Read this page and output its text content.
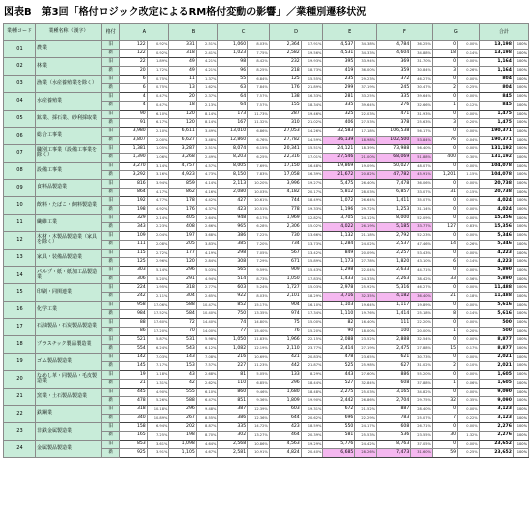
図表B　第3回「格付ロジック改定によるRM格付変動の影響」／業種別遷移状況
業種コード	業種名称（漢字）	格付	A		B		C		D		E		F		G		合計	
01	農業	旧	122	0.92%	331	2.51%	1,060	8.03%	2,364	17.91%	4,537	34.38%	4,784	36.25%	0	0.00%	13,198	100%
		新	122	0.92%	318	2.41%	1,023	7.75%	2,582	19.56%	4,531	34.33%	4,604	34.88%	18	0.14%	13,198	100%
02	林業	旧	22	1.89%	49	4.21%	98	8.42%	232	19.93%	395	33.94%	369	31.70%	0	0.00%	1,164	100%
		新	20	1.72%	49	4.21%	96	8.25%	218	18.73%	419	36.00%	359	30.84%	3	0.26%	1,164	100%
03	漁業（水産養殖業を除く）	旧	6	0.75%	11	1.37%	55	6.84%	125	15.55%	235	29.23%	372	46.27%	0	0.00%	804	100%
		新	6	0.75%	13	1.62%	63	7.84%	176	21.89%	299	37.19%	245	30.47%	2	0.25%	804	100%
04	水産養殖業	旧	4	0.47%	20	2.37%	64	7.57%	138	16.33%	281	33.25%	335	39.64%	0	0.00%	845	100%
		新	4	0.47%	18	2.13%	64	7.57%	155	18.34%	335	39.64%	276	32.66%	1	0.12%	845	100%
05	鉱業、採石業、砂利採取業	旧	90	6.10%	120	8.14%	173	11.73%	287	19.46%	325	22.03%	471	31.93%	0	0.00%	1,475	100%
		新	91	6.17%	120	8.14%	167	11.32%	310	21.02%	406	27.53%	378	25.63%	3	0.20%	1,475	100%
06	総合工事業	旧	3,980	2.10%	6,611	3.49%	13,010	6.86%	27,053	14.26%	32,583	17.18%	106,538	56.17%	0	0.00%	190,371	100%
		新	3,807	2.00%	6,627	3.48%	12,860	6.76%	27,782	14.59%	36,139	18.98%	102,500	53.84%	76	0.04%	190,371	100%
07	職別工事業（設備工事業を除く）	旧	1,381	1.05%	3,287	2.51%	8,074	6.15%	20,341	15.51%	24,121	18.39%	73,988	56.40%	0	0.00%	131,192	100%
		新	1,390	1.06%	3,268	2.49%	8,203	6.25%	22,316	17.01%	27,546	21.00%	68,069	51.88%	400	0.30%	131,192	100%
08	設備工事業	旧	3,270	3.14%	4,757	4.57%	8,005	7.69%	17,150	16.48%	19,869	19.09%	50,027	48.07%	0	0.00%	104,078	100%
		新	3,292	3.16%	4,923	4.73%	8,150	7.83%	17,058	16.39%	21,672	20.82%	47,782	45.91%	1,201	1.15%	104,078	100%
09	食料品製造業	旧	816	3.94%	859	4.14%	2,113	10.20%	3,996	19.27%	5,475	26.40%	7,478	36.06%	0	0.00%	20,738	100%
		新	864	4.17%	862	4.16%	2,080	10.03%	4,182	20.17%	5,812	28.03%	6,857	33.07%	31	0.15%	20,738	100%
10	飲料・たばこ・飼料製造業	旧	192	4.77%	178	4.42%	427	10.61%	744	18.49%	1,072	26.64%	1,411	35.07%	0	0.00%	4,024	100%
		新	198	4.92%	176	4.37%	423	10.51%	778	19.33%	1,196	29.72%	1,253	31.14%	0	0.00%	4,024	100%
11	繊維工業	旧	329	2.14%	405	2.64%	948	6.17%	1,969	12.82%	3,705	24.12%	8,000	52.09%	0	0.00%	15,356	100%
		新	343	2.23%	408	2.66%	965	6.28%	2,306	15.02%	4,022	26.19%	5,185	33.77%	127	0.83%	15,356	100%
12	木材・木製品製造業（家具を除く）	旧	109	2.04%	197	3.68%	386	7.22%	730	13.66%	1,132	21.18%	2,792	52.23%	0	0.00%	5,346	100%
		新	111	2.08%	205	3.83%	385	7.20%	734	13.73%	1,284	24.02%	2,537	47.46%	14	0.26%	5,346	100%
13	家具・装備品製造業	旧	115	2.72%	177	4.19%	298	7.05%	567	13.42%	849	20.09%	2,257	53.43%	0	0.00%	4,223	100%
		新	125	2.96%	120	2.84%	308	7.29%	671	15.89%	1,173	27.78%	1,820	43.10%	6	0.14%	4,223	100%
14	パルプ・紙・紙加工品製造業	旧	303	5.14%	296	5.03%	565	9.59%	909	15.43%	1,298	22.04%	2,633	44.71%	0	0.00%	5,890	100%
		新	306	5.20%	291	4.94%	514	8.73%	1,050	17.83%	1,433	24.33%	2,263	38.42%	33	0.56%	5,890	100%
15	印刷・同関連業	旧	224	1.95%	318	2.77%	603	5.24%	1,727	15.03%	2,978	25.92%	5,316	46.27%	0	0.00%	11,488	100%
		新	242	2.11%	304	2.65%	922	8.03%	2,101	18.29%	3,716	32.35%	4,182	36.40%	21	0.18%	11,488	100%
16	化学工業	旧	958	17.06%	588	10.47%	852	15.17%	904	16.10%	1,103	19.64%	1,117	19.89%	0	0.00%	5,616	100%
		新	984	17.52%	584	10.40%	750	13.35%	974	17.34%	1,110	19.76%	1,414	25.18%	8	0.14%	5,616	100%
17	石油製品・石炭製品製造業	旧	88	17.60%	72	14.40%	74	14.80%	75	15.00%	82	16.40%	111	22.20%	0	0.00%	500	100%
		新	86	17.20%	70	14.00%	77	15.40%	76	15.20%	90	18.00%	100	20.00%	1	0.20%	500	100%
18	プラスチック製品製造業	旧	521	5.87%	531	5.98%	1,050	11.83%	1,966	22.15%	2,088	23.52%	2,888	32.54%	0	0.00%	8,877	100%
		新	554	6.24%	543	6.12%	1,082	12.19%	2,110	23.77%	2,414	27.19%	2,475	27.88%	15	0.17%	8,877	100%
19	ゴム製品製造業	旧	142	7.03%	143	7.08%	216	10.69%	421	20.83%	478	23.65%	621	30.73%	0	0.00%	2,021	100%
		新	145	7.17%	153	7.57%	227	11.23%	442	21.87%	525	25.98%	627	31.02%	2	0.10%	2,021	100%
20	なめし革・同製品・毛皮製造業	旧	19	1.18%	43	2.68%	81	5.05%	133	8.29%	443	27.60%	886	55.20%	0	0.00%	1,605	100%
		新	21	1.31%	42	2.62%	110	6.85%	296	18.44%	527	32.84%	608	37.88%	1	0.06%	1,605	100%
21	窯業・土石製品製造業	旧	445	4.90%	555	6.10%	860	9.46%	1,680	18.48%	2,275	25.03%	3,165	34.82%	0	0.00%	9,090	100%
		新	478	5.26%	588	6.47%	851	9.36%	1,809	19.90%	2,442	26.86%	2,704	29.75%	32	0.35%	9,090	100%
22	鉄鋼業	旧	318	10.18%	296	9.48%	387	12.39%	603	19.31%	672	21.52%	887	28.40%	0	0.00%	3,123	100%
		新	340	10.89%	267	8.55%	386	12.36%	644	20.62%	696	22.29%	783	25.07%	7	0.22%	3,123	100%
23	非鉄金属製造業	旧	158	6.94%	202	8.87%	335	14.72%	423	18.59%	550	24.17%	608	26.71%	0	0.00%	2,276	100%
		新	165	7.25%	198	8.70%	302	13.27%	464	20.39%	581	25.53%	536	23.55%	30	1.32%	2,276	100%
24	金属製品製造業	旧	853	3.61%	1,098	4.64%	2,568	10.86%	4,563	19.29%	5,776	24.42%	8,763	37.05%	0	0.00%	23,652	100%
		新	925	3.91%	1,105	4.67%	2,581	10.91%	4,824	20.40%	6,685	28.26%	7,473	31.60%	59	0.25%	23,652	100%
